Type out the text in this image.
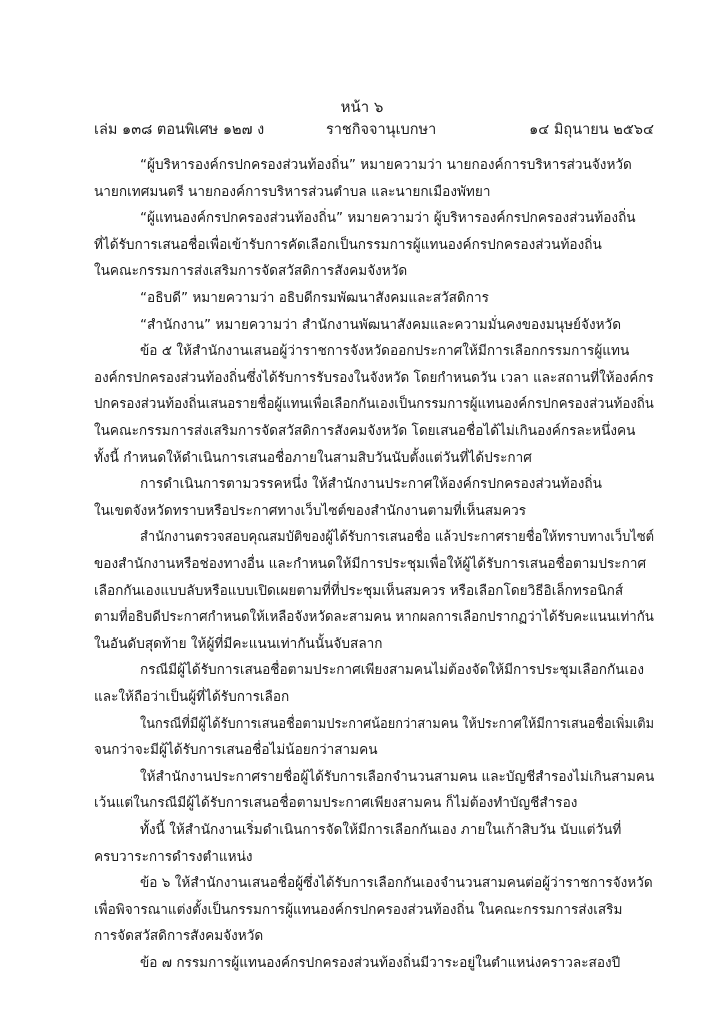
หน้า ๖
เล่ม ๑๓๘ ตอนพิเศษ ๑๒๗ ง	ราชกิจจานุเบกษา	๑๔ มิถุนายน ๒๕๖๔
“ผู้บริหารองค์กรปกครองส่วนท้องถิ่น” หมายความว่า นายกองค์การบริหารส่วนจังหวัด
นายกเทศมนตรี นายกองค์การบริหารส่วนตำบล และนายกเมืองพัทยา
“ผู้แทนองค์กรปกครองส่วนท้องถิ่น” หมายความว่า ผู้บริหารองค์กรปกครองส่วนท้องถิ่น
ที่ได้รับการเสนอชื่อเพื่อเข้ารับการคัดเลือกเป็นกรรมการผู้แทนองค์กรปกครองส่วนท้องถิ่น
ในคณะกรรมการส่งเสริมการจัดสวัสดิการสังคมจังหวัด
“อธิบดี” หมายความว่า อธิบดีกรมพัฒนาสังคมและสวัสดิการ
“สำนักงาน” หมายความว่า สำนักงานพัฒนาสังคมและความมั่นคงของมนุษย์จังหวัด
ข้อ ๕ ให้สำนักงานเสนอผู้ว่าราชการจังหวัดออกประกาศให้มีการเลือกกรรมการผู้แทน
องค์กรปกครองส่วนท้องถิ่นซึ่งได้รับการรับรองในจังหวัด โดยกำหนดวัน เวลา และสถานที่ให้องค์กร
ปกครองส่วนท้องถิ่นเสนอรายชื่อผู้แทนเพื่อเลือกกันเองเป็นกรรมการผู้แทนองค์กรปกครองส่วนท้องถิ่น
ในคณะกรรมการส่งเสริมการจัดสวัสดิการสังคมจังหวัด โดยเสนอชื่อได้ไม่เกินองค์กรละหนึ่งคน
ทั้งนี้ กำหนดให้ดำเนินการเสนอชื่อภายในสามสิบวันนับตั้งแต่วันที่ได้ประกาศ
การดำเนินการตามวรรคหนึ่ง ให้สำนักงานประกาศให้องค์กรปกครองส่วนท้องถิ่น
ในเขตจังหวัดทราบหรือประกาศทางเว็บไซต์ของสำนักงานตามที่เห็นสมควร
สำนักงานตรวจสอบคุณสมบัติของผู้ได้รับการเสนอชื่อ แล้วประกาศรายชื่อให้ทราบทางเว็บไซต์
ของสำนักงานหรือช่องทางอื่น และกำหนดให้มีการประชุมเพื่อให้ผู้ได้รับการเสนอชื่อตามประกาศ
เลือกกันเองแบบลับหรือแบบเปิดเผยตามที่ที่ประชุมเห็นสมควร หรือเลือกโดยวิธีอิเล็กทรอนิกส์
ตามที่อธิบดีประกาศกำหนดให้เหลือจังหวัดละสามคน หากผลการเลือกปรากฏว่าได้รับคะแนนเท่ากัน
ในอันดับสุดท้าย ให้ผู้ที่มีคะแนนเท่ากันนั้นจับสลาก
กรณีมีผู้ได้รับการเสนอชื่อตามประกาศเพียงสามคนไม่ต้องจัดให้มีการประชุมเลือกกันเอง
และให้ถือว่าเป็นผู้ที่ได้รับการเลือก
ในกรณีที่มีผู้ได้รับการเสนอชื่อตามประกาศน้อยกว่าสามคน ให้ประกาศให้มีการเสนอชื่อเพิ่มเติม
จนกว่าจะมีผู้ได้รับการเสนอชื่อไม่น้อยกว่าสามคน
ให้สำนักงานประกาศรายชื่อผู้ได้รับการเลือกจำนวนสามคน และบัญชีสำรองไม่เกินสามคน
เว้นแต่ในกรณีมีผู้ได้รับการเสนอชื่อตามประกาศเพียงสามคน ก็ไม่ต้องทำบัญชีสำรอง
ทั้งนี้ ให้สำนักงานเริ่มดำเนินการจัดให้มีการเลือกกันเอง ภายในเก้าสิบวัน นับแต่วันที่
ครบวาระการดำรงตำแหน่ง
ข้อ ๖ ให้สำนักงานเสนอชื่อผู้ซึ่งได้รับการเลือกกันเองจำนวนสามคนต่อผู้ว่าราชการจังหวัด
เพื่อพิจารณาแต่งตั้งเป็นกรรมการผู้แทนองค์กรปกครองส่วนท้องถิ่น ในคณะกรรมการส่งเสริม
การจัดสวัสดิการสังคมจังหวัด
ข้อ ๗ กรรมการผู้แทนองค์กรปกครองส่วนท้องถิ่นมีวาระอยู่ในตำแหน่งคราวละสองปี
